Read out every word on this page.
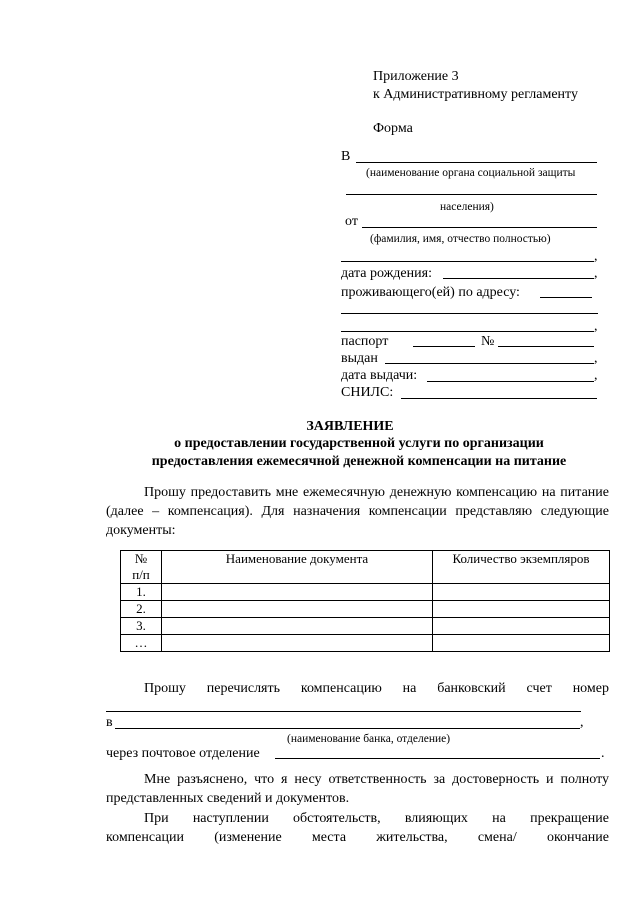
Приложение 3
к Административному регламенту
Форма
В
(наименование органа социальной защиты
населения)
от
(фамилия, имя, отчество полностью)
,
дата рождения:	,
проживающего(ей) по адресу:
,
паспорт	№
выдан	,
дата выдачи:	,
СНИЛС:
ЗАЯВЛЕНИЕ
о предоставлении государственной услуги по организации
предоставления ежемесячной денежной компенсации на питание
Прошу предоставить мне ежемесячную денежную компенсацию на питание (далее – компенсация). Для назначения компенсации представляю следующие документы:
№
п/п	Наименование документа	Количество экземпляров
1.		
2.		
3.		
…		
Прошу перечислять компенсацию на банковский счет номер
в	,
(наименование банка, отделение)
через почтовое отделение	.
Мне разъяснено, что я несу ответственность за достоверность и полноту представленных сведений и документов.
При наступлении обстоятельств, влияющих на прекращение
компенсации (изменение места жительства, смена/ окончание
